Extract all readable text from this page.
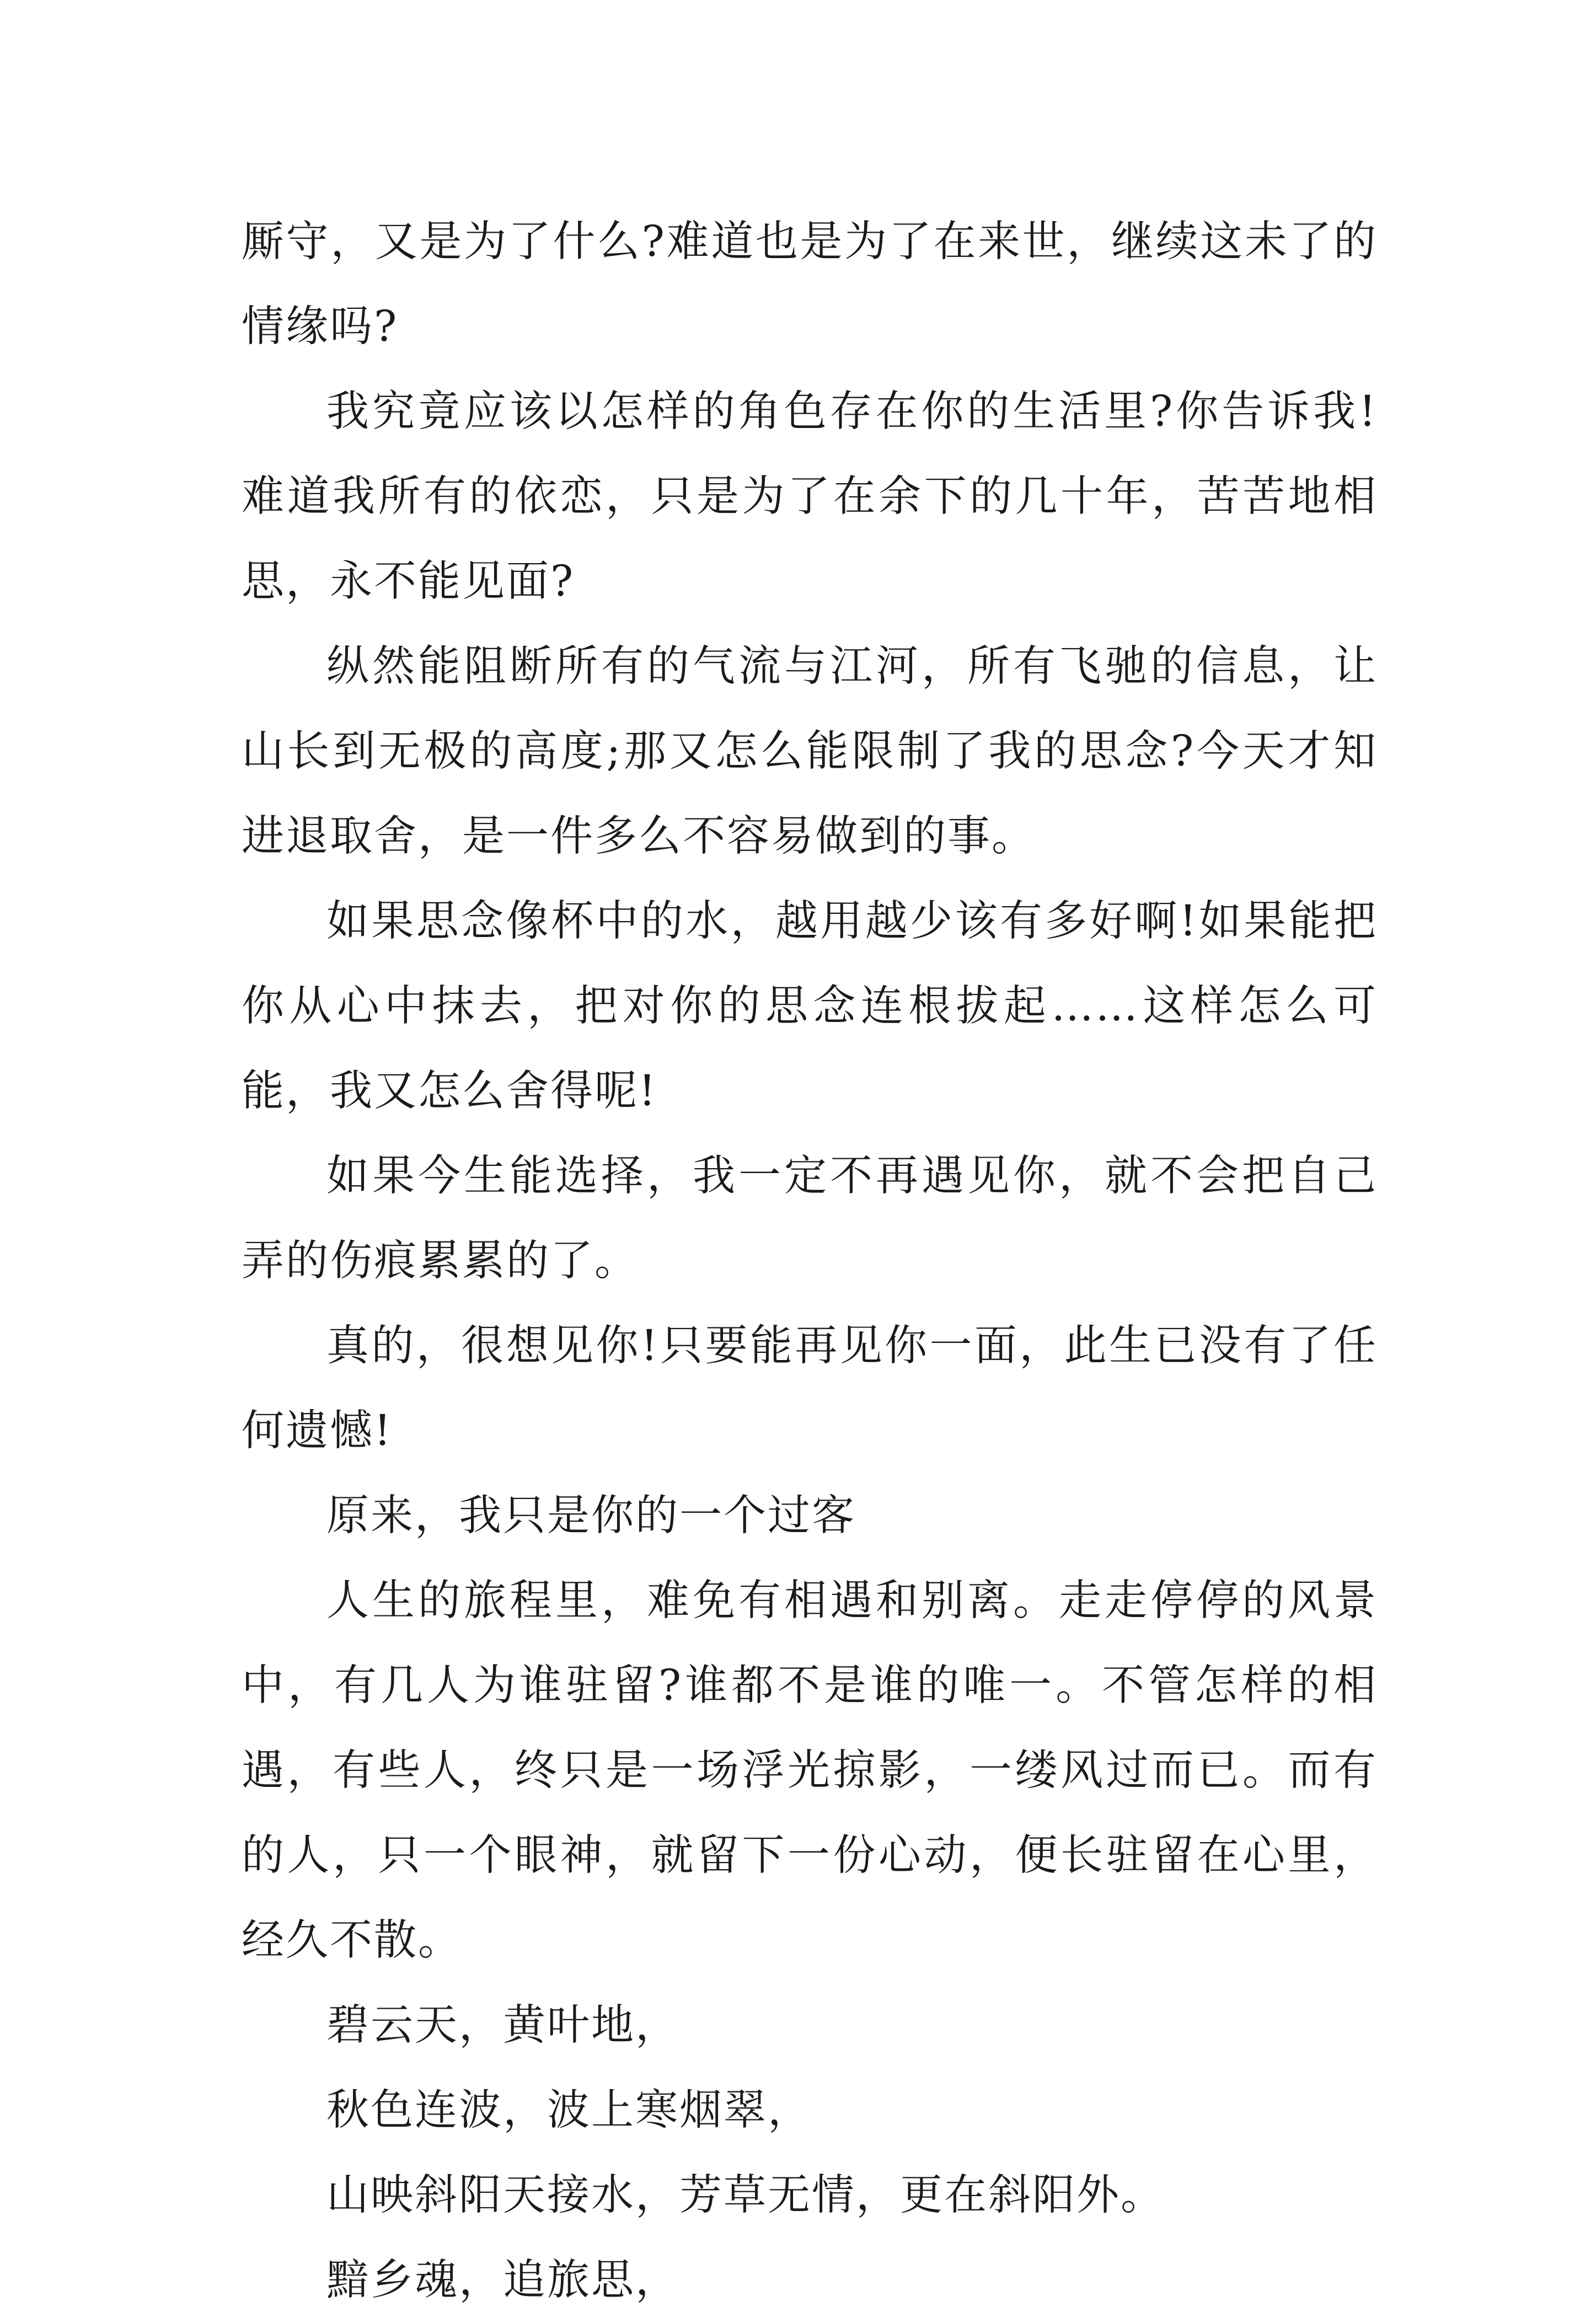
厮守，又是为了什么?难道也是为了在来世，继续这未了的情缘吗?

我究竟应该以怎样的角色存在你的生活里?你告诉我!难道我所有的依恋，只是为了在余下的几十年，苦苦地相思，永不能见面?

纵然能阻断所有的气流与江河，所有飞驰的信息，让山长到无极的高度;那又怎么能限制了我的思念?今天才知进退取舍，是一件多么不容易做到的事。

如果思念像杯中的水，越用越少该有多好啊!如果能把你从心中抹去，把对你的思念连根拔起……这样怎么可能，我又怎么舍得呢!

如果今生能选择，我一定不再遇见你，就不会把自己弄的伤痕累累的了。

真的，很想见你!只要能再见你一面，此生已没有了任何遗憾!

原来，我只是你的一个过客

人生的旅程里，难免有相遇和别离。走走停停的风景中，有几人为谁驻留?谁都不是谁的唯一。不管怎样的相遇，有些人，终只是一场浮光掠影，一缕风过而已。而有的人，只一个眼神，就留下一份心动，便长驻留在心里，经久不散。

碧云天，黄叶地，

秋色连波，波上寒烟翠，

山映斜阳天接水，芳草无情，更在斜阳外。

黯乡魂，追旅思，
